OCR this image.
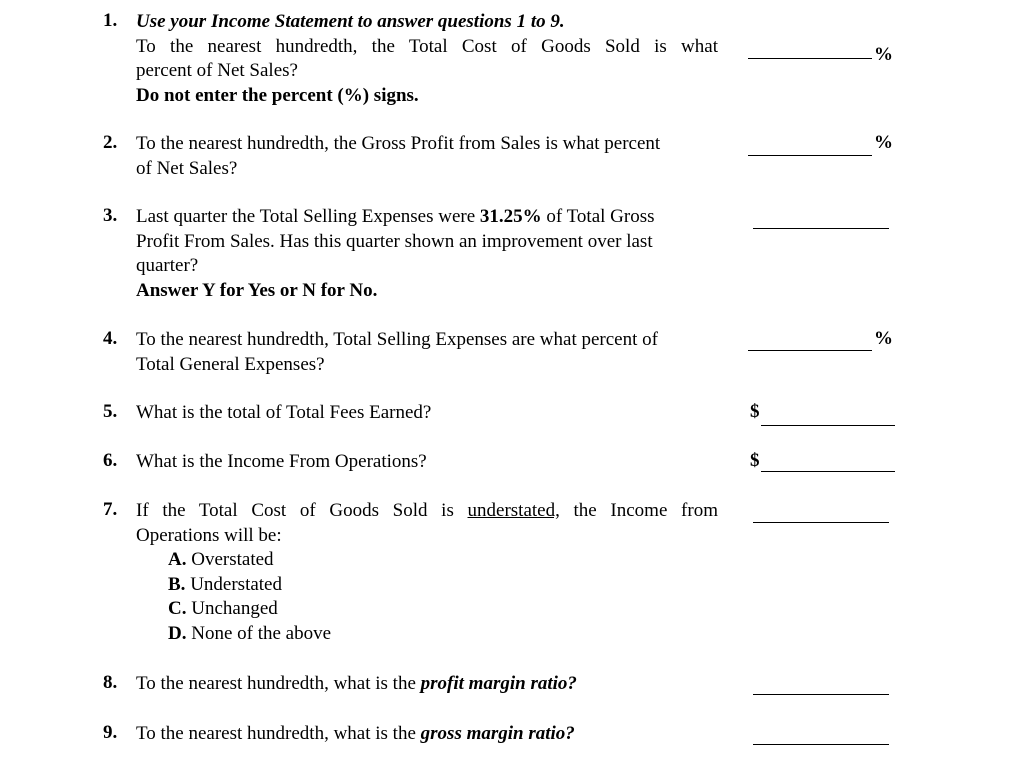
1. Use your Income Statement to answer questions 1 to 9.
To the nearest hundredth, the Total Cost of Goods Sold is what
percent of Net Sales?
Do not enter the percent (%) signs.
%
2. To the nearest hundredth, the Gross Profit from Sales is what percent
of Net Sales?
%
3. Last quarter the Total Selling Expenses were 31.25% of Total Gross
Profit From Sales. Has this quarter shown an improvement over last
quarter?
Answer Y for Yes or N for No.
4. To the nearest hundredth, Total Selling Expenses are what percent of
Total General Expenses?
%
5. What is the total of Total Fees Earned?	$
6. What is the Income From Operations?	$
7. If the Total Cost of Goods Sold is understated, the Income from
Operations will be:
A. Overstated
B. Understated
C. Unchanged
D. None of the above
8. To the nearest hundredth, what is the profit margin ratio?
9. To the nearest hundredth, what is the gross margin ratio?
